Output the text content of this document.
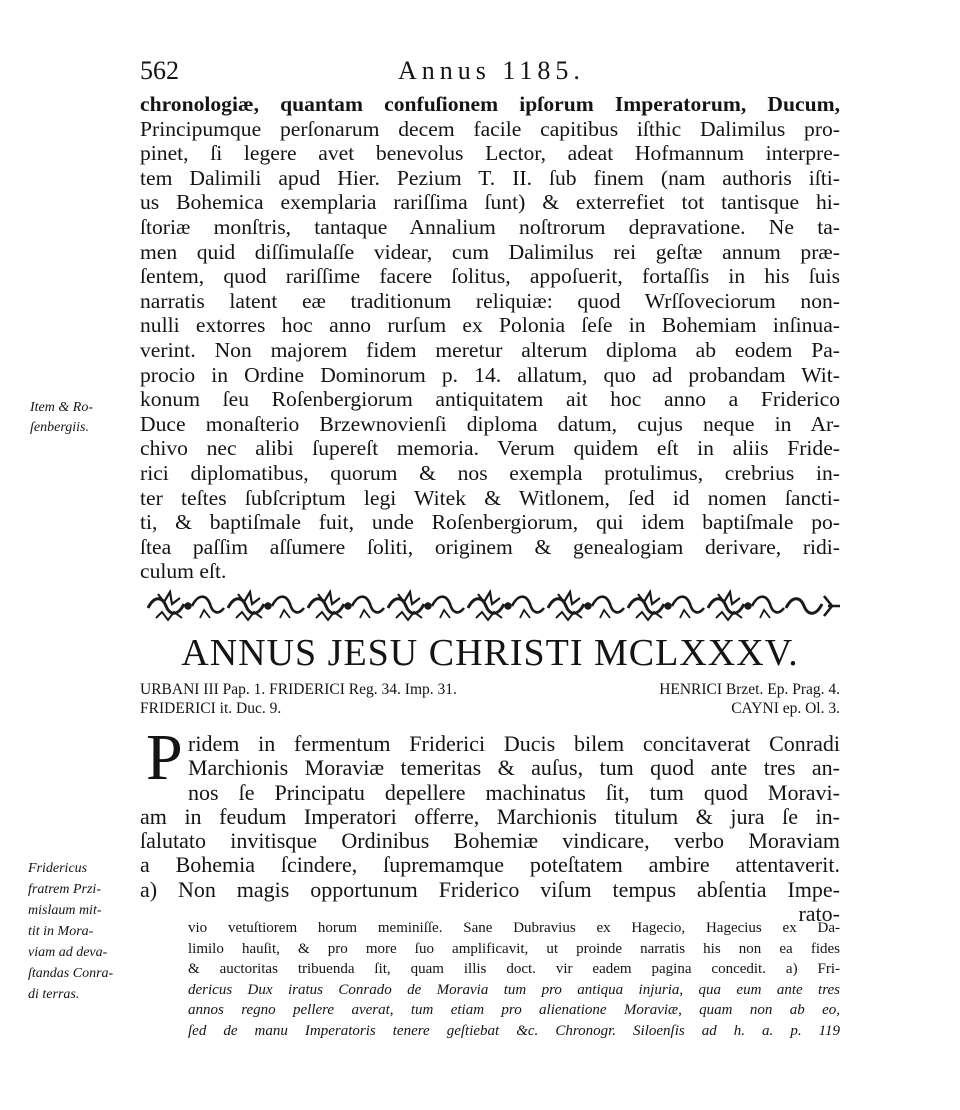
562	Annus 1185.
chronologiæ, quantam confuſionem ipſorum Imperatorum, Ducum,
Principumque perſonarum decem facile capitibus iſthic Dalimilus pro-
pinet, ſi legere avet benevolus Lector, adeat Hofmannum interpre-
tem Dalimili apud Hier. Pezium T. II. ſub finem (nam authoris iſti-
us Bohemica exemplaria rariſſima ſunt) & exterrefiet tot tantisque hi-
ſtoriæ monſtris, tantaque Annalium noſtrorum depravatione. Ne ta-
men quid diſſimulaſſe videar, cum Dalimilus rei geſtæ annum præ-
ſentem, quod rariſſime facere ſolitus, appoſuerit, fortaſſis in his ſuis
narratis latent eæ traditionum reliquiæ: quod Wrſſoveciorum non-
nulli extorres hoc anno rurſum ex Polonia ſeſe in Bohemiam inſinua-
verint. Non majorem fidem meretur alterum diploma ab eodem Pa-
procio in Ordine Dominorum p. 14. allatum, quo ad probandam Wit-
konum ſeu Roſenbergiorum antiquitatem ait hoc anno a Friderico
Duce monaſterio Brzewnovienſi diploma datum, cujus neque in Ar-
chivo nec alibi ſupereſt memoria. Verum quidem eſt in aliis Fride-
rici diplomatibus, quorum & nos exempla protulimus, crebrius in-
ter teſtes ſubſcriptum legi Witek & Witlonem, ſed id nomen ſancti-
ti, & baptiſmale fuit, unde Roſenbergiorum, qui idem baptiſmale po-
ſtea paſſim aſſumere ſoliti, originem & genealogiam derivare, ridi-
culum eſt.
Item & Ro-
ſenbergiis.
ANNUS JESU CHRISTI MCLXXXV.
URBANI III Pap. 1. FRIDERICI Reg. 34. Imp. 31.	HENRICI Brzet. Ep. Prag. 4.
FRIDERICI it. Duc. 9.	CAYNI ep. Ol. 3.
P ridem in fermentum Friderici Ducis bilem concitaverat Conradi
Marchionis Moraviæ temeritas & auſus, tum quod ante tres an-
nos ſe Principatu depellere machinatus ſit, tum quod Moravi-
am in feudum Imperatori offerre, Marchionis titulum & jura ſe in-
ſalutato invitisque Ordinibus Bohemiæ vindicare, verbo Moraviam
a Bohemia ſcindere, ſupremamque poteſtatem ambire attentaverit.
a) Non magis opportunum Friderico viſum tempus abſentia Impe-
rato-
Fridericus
fratrem Przi-
mislaum mit-
tit in Mora-
viam ad deva-
ſtandas Conra-
di terras.
vio vetuſtiorem horum meminiſſe. Sane Dubravius ex Hagecio, Hagecius ex Da-
limilo hauſit, & pro more ſuo amplificavit, ut proinde narratis his non ea fides
& auctoritas tribuenda ſit, quam illis doct. vir eadem pagina concedit. a) Fri-
dericus Dux iratus Conrado de Moravia tum pro antiqua injuria, qua eum ante tres
annos regno pellere averat, tum etiam pro alienatione Moraviæ, quam non ab eo,
ſed de manu Imperatoris tenere geſtiebat &c. Chronogr. Siloenſis ad h. a. p. 119
